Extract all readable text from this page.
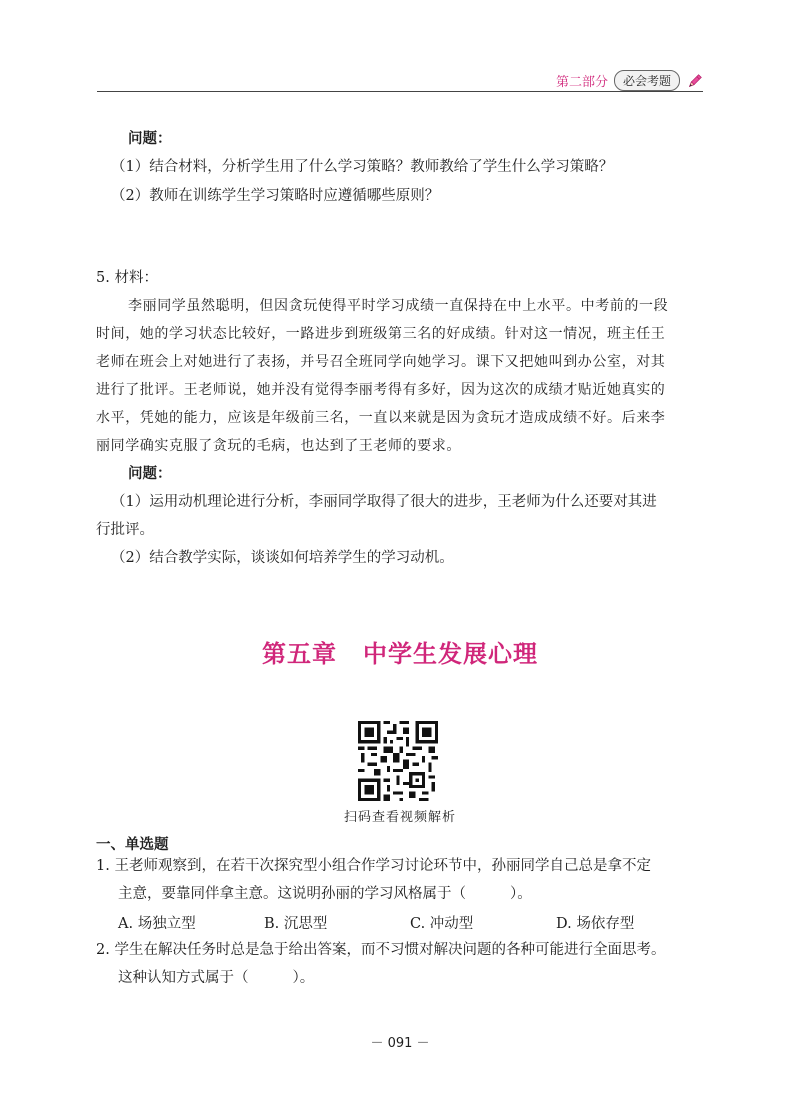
第二部分	必会考题
问题：
（1）结合材料，分析学生用了什么学习策略？教师教给了学生什么学习策略？
（2）教师在训练学生学习策略时应遵循哪些原则？
5. 材料：
李丽同学虽然聪明，但因贪玩使得平时学习成绩一直保持在中上水平。中考前的一段
时间，她的学习状态比较好，一路进步到班级第三名的好成绩。针对这一情况，班主任王
老师在班会上对她进行了表扬，并号召全班同学向她学习。课下又把她叫到办公室，对其
进行了批评。王老师说，她并没有觉得李丽考得有多好，因为这次的成绩才贴近她真实的
水平，凭她的能力，应该是年级前三名，一直以来就是因为贪玩才造成成绩不好。后来李
丽同学确实克服了贪玩的毛病，也达到了王老师的要求。
问题：
（1）运用动机理论进行分析，李丽同学取得了很大的进步，王老师为什么还要对其进
行批评。
（2）结合教学实际，谈谈如何培养学生的学习动机。
第五章 中学生发展心理
扫码查看视频解析
一、单选题
1. 王老师观察到，在若干次探究型小组合作学习讨论环节中，孙丽同学自己总是拿不定
主意，要靠同伴拿主意。这说明孙丽的学习风格属于（	）。
A. 场独立型	B. 沉思型	C. 冲动型	D. 场依存型
2. 学生在解决任务时总是急于给出答案，而不习惯对解决问题的各种可能进行全面思考。
这种认知方式属于（	）。
－ 091 －
